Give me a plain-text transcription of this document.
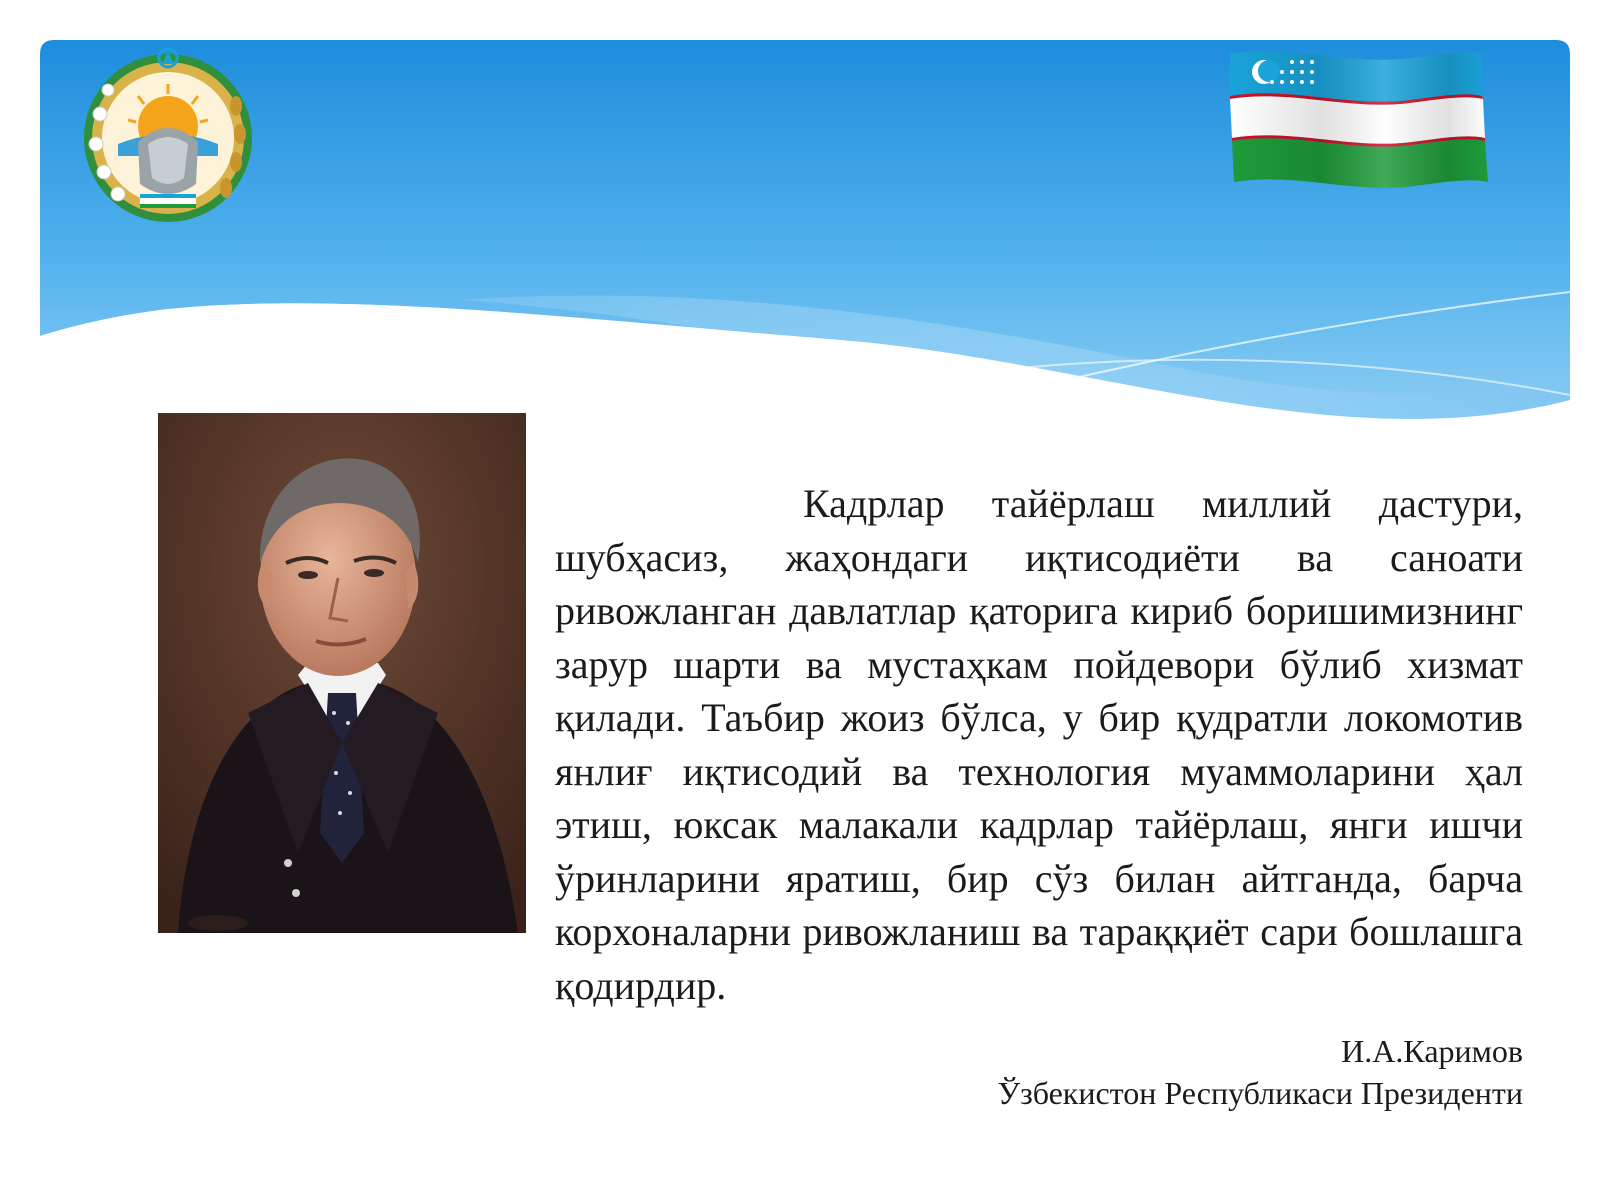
Кадрлар тайёрлаш миллий дастури, шубҳасиз, жаҳондаги иқтисодиёти ва саноати ривожланган давлатлар қаторига кириб боришимизнинг зарур шарти ва мустаҳкам пойдевори бўлиб хизмат қилади. Таъбир жоиз бўлса, у бир қудратли локомотив янлиғ иқтисодий ва технология муаммоларини ҳал этиш, юксак малакали кадрлар тайёрлаш, янги ишчи ўринларини яратиш, бир сўз билан айтганда, барча корхоналарни ривожланиш ва тараққиёт сари бошлашга қодирдир.

И.А.Каримов

Ўзбекистон Республикаси Президенти
